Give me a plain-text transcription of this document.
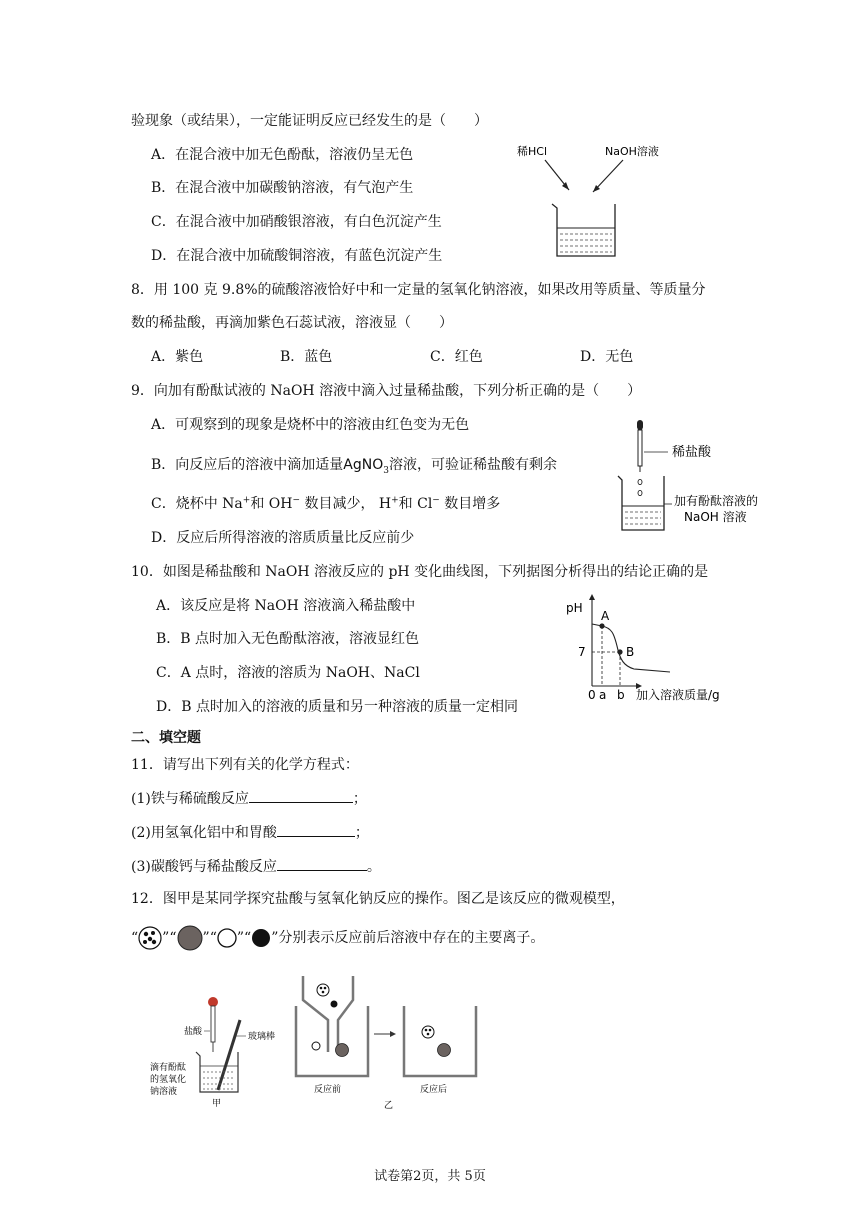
验现象（或结果），一定能证明反应已经发生的是（　　）
A．在混合液中加无色酚酞，溶液仍呈无色
B．在混合液中加碳酸钠溶液，有气泡产生
C．在混合液中加硝酸银溶液，有白色沉淀产生
D．在混合液中加硫酸铜溶液，有蓝色沉淀产生
稀HCl	NaOH溶液
8．用 100 克 9.8%的硫酸溶液恰好中和一定量的氢氧化钠溶液，如果改用等质量、等质量分
数的稀盐酸，再滴加紫色石蕊试液，溶液显（　　）
A．紫色	B．蓝色	C．红色	D．无色
9．向加有酚酞试液的 NaOH 溶液中滴入过量稀盐酸，下列分析正确的是（　　）
A．可观察到的现象是烧杯中的溶液由红色变为无色
B．向反应后的溶液中滴加适量AgNO$_3$溶液，可验证稀盐酸有剩余
C．烧杯中 Na+和 OH− 数目减少， H+和 Cl− 数目增多
D．反应后所得溶液的溶质质量比反应前少
稀盐酸
加有酚酞溶液的
NaOH 溶液
10．如图是稀盐酸和 NaOH 溶液反应的 pH 变化曲线图，下列据图分析得出的结论正确的是
A．该反应是将 NaOH 溶液滴入稀盐酸中
B．B 点时加入无色酚酞溶液，溶液显红色
C．A 点时，溶液的溶质为 NaOH、NaCl
D．B 点时加入的溶液的质量和另一种溶液的质量一定相同
pH
7
A
B
0 a b 加入溶液质量/g
二、填空题
11．请写出下列有关的化学方程式：
(1)铁与稀硫酸反应	；
(2)用氢氧化铝中和胃酸	；
(3)碳酸钙与稀盐酸反应	。
12．图甲是某同学探究盐酸与氢氧化钠反应的操作。图乙是该反应的微观模型，
“ ”“ ”“ ”“ ”分别表示反应前后溶液中存在的主要离子。
盐酸	玻璃棒
滴有酚酞
的氢氧化
钠溶液
甲
反应前	反应后
乙
试卷第2页，共 5页
